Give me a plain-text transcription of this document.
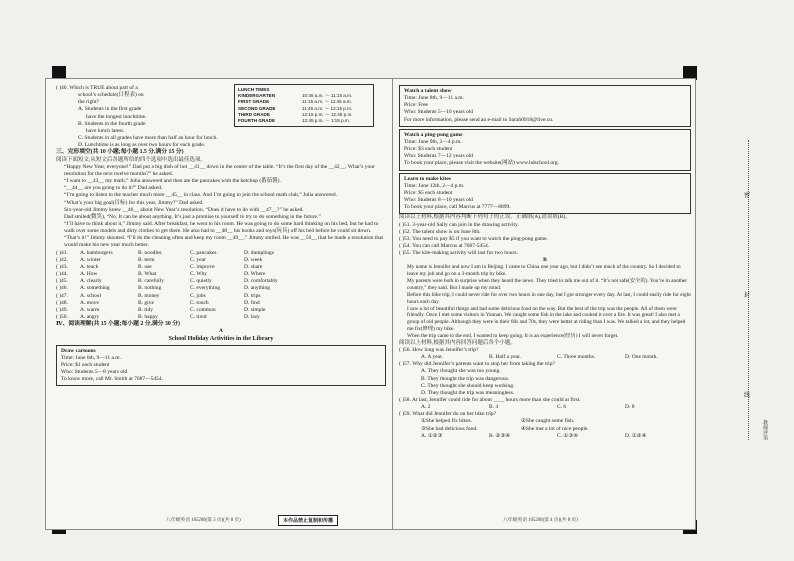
( )40. Which is TRUE about part of a

school’s schedule(日程表) on

the right?

A. Students in the first grade

have the longest lunchtime.

B. Students in the fourth grade

have lunch latest.

C. Students in all grades have more than half an hour for lunch.

D. Lunchtime is as long as over two hours for each grade.

三、完形填空(共 10 小题;每小题 1.5 分,满分 15 分)

阅读下面短文,从短文后各题所给的四个选项中选出最佳选项。

“Happy New Year, everyone!” Dad put a big dish of hot __41__ down in the center of the table. “It’s the first day of the __42__. What’s your resolution for the next twelve months?” he asked.

“I want to __43__ my math,” Julia answered and then ate the pancakes with the ketchup (番茄酱).

“__44__ are you going to do it?” Dad asked.

“I’m going to listen to the teacher much more __45__ in class. And I’m going to join the school math club,” Julia answered.

“What’s your big goal(目标) for this year, Jimmy?” Dad asked.

Six-year-old Jimmy knew __46__ about New Year’s resolution. “Does it have to do with __47__?” he asked.

Dad smiled(微笑), “No. It can be about anything. It’s just a promise to yourself to try to do something in the future.”

“I’ll have to think about it,” Jimmy said. After breakfast, he went to his room. He was going to do some hard thinking on his bed, but he had to walk over some models and dirty clothes to get there. He also had to __48__ his books and toys(玩具) off his bed before he could sit down.

“That’s it!” Jimmy shouted. “I’ll do the cleaning often and keep my room __49__.” Jimmy smiled. He was __50__ that he made a resolution that would make his new year much better.

( )41.	A. hamburgers	B. noodles	C. pancakes	D. dumplings
( )42.	A. winter	B. term	C. year	D. week
( )43.	A. teach	B. use	C. improve	D. share
( )44.	A. How	B. What	C. Why	D. Where
( )45.	A. clearly	B. carefully	C. quietly	D. comfortably
( )46.	A. something	B. nothing	C. everything	D. anything
( )47.	A. school	B. money	C. jobs	D. trips
( )48.	A. move	B. give	C. touch	D. find
( )49.	A. warm	B. tidy	C. common	D. simple
( )50.	A. angry	B. happy	C. tired	D. lazy

Ⅳ、阅读理解(共 15 小题;每小题 2 分,满分 30 分)

A

School Holiday Activities in the Library

Draw cartoons

Time: June 6th, 9—11 a.m.

Price: $1 each student

Who: Students 5—8 years old

To know more, call Mr. Smith at 7687—5454.

LUNCH TIMES

KINDERGARTEN	10:45 a.m. ～ 11:15 a.m.
FIRST GRADE	11:15 a.m. ～ 11:45 a.m.
SECOND GRADE	11:45 a.m. ～ 12:15 p.m.
THIRD GRADE	12:15 p.m. ～ 12:45 p.m.
FOURTH GRADE	12:45 p.m. ～ 1:15 p.m.
八年级英语 105200(第 3 页)(共 8 页)	本作品禁止复制和传播

Watch a talent show

Time: June 8th, 9—11 a.m.

Price: Free

Who: Students 5—10 years old

For more information, please send an e-mail to Sarah0918@live.cn.

Watch a ping-pong game

Time: June 9th, 2—4 p.m.

Price: $3 each student

Who: Students 7—12 years old

To book your place, please visit the website(网站) www.hdschool.org.

Learn to make kites

Time: June 12th, 2—4 p.m.

Price: $5 each student

Who: Students 8—10 years old

To book your place, call Marcus at 7777—8899.

阅读以上材料,根据其内容判断下列句子的正误。正确填(A),错误填(B)。

( )51. 3-year-old Sally can join in the drawing activity.

( )52. The talent show is on June 8th.

( )53. You need to pay $5 if you want to watch the ping-pong game.

( )54. You can call Marcus at 7687-5454.

( )55. The kite-making activity will last for two hours.

B

My name is Jennifer and now I am in Beijing. I came to China one year ago, but I didn’t see much of the country. So I decided to leave my job and go on a 3-month trip by bike.

My parents were both in surprise when they heard the news. They tried to talk me out of it. “It’s not safe(安全的). You’re in another country,” they said. But I made up my mind.

Before this bike trip, I could never ride for over two hours in one day, but I got stronger every day. At last, I could easily ride for eight hours each day.

I saw a lot of beautiful things and had some delicious food on the way. But the best of the trip was the people. All of them were friendly. Once I met some visitors in Yunnan. We caught some fish in the lake and cooked it over a fire. It was great! I also met a group of old people. Although they were in their 60s and 70s, they were better at riding than I was. We talked a lot, and they helped me fix(修理) my bike.

When the trip came to the end, I wanted to keep going. It is an experience(经历) I will never forget.

阅读以上材料,根据其内容回答问题后各个小题。

( )56. How long was Jennifer’s trip?

A. A year.	B. Half a year.	C. Three months.	D. One month.

( )57. Why did Jennifer’s parents want to stop her from taking the trip?

A. They thought she was too young.

B. They thought the trip was dangerous.

C. They thought she should keep working.

D. They thought the trip was meaningless.

( )58. At last, Jennifer could ride for about ____ hours more than she could at first.

A. 2	B. 4	C. 6	D. 8

( )59. What did Jennifer do on her bike trip?

①She helped fix bikes.	②She caught some fish.
③She had delicious food.	④She met a lot of nice people.
A. ①②③	B. ②③④	C. ①③④	D. ①②④
八年级英语 105200(第 4 页)(共 8 页)
密
封
线
教师评语
